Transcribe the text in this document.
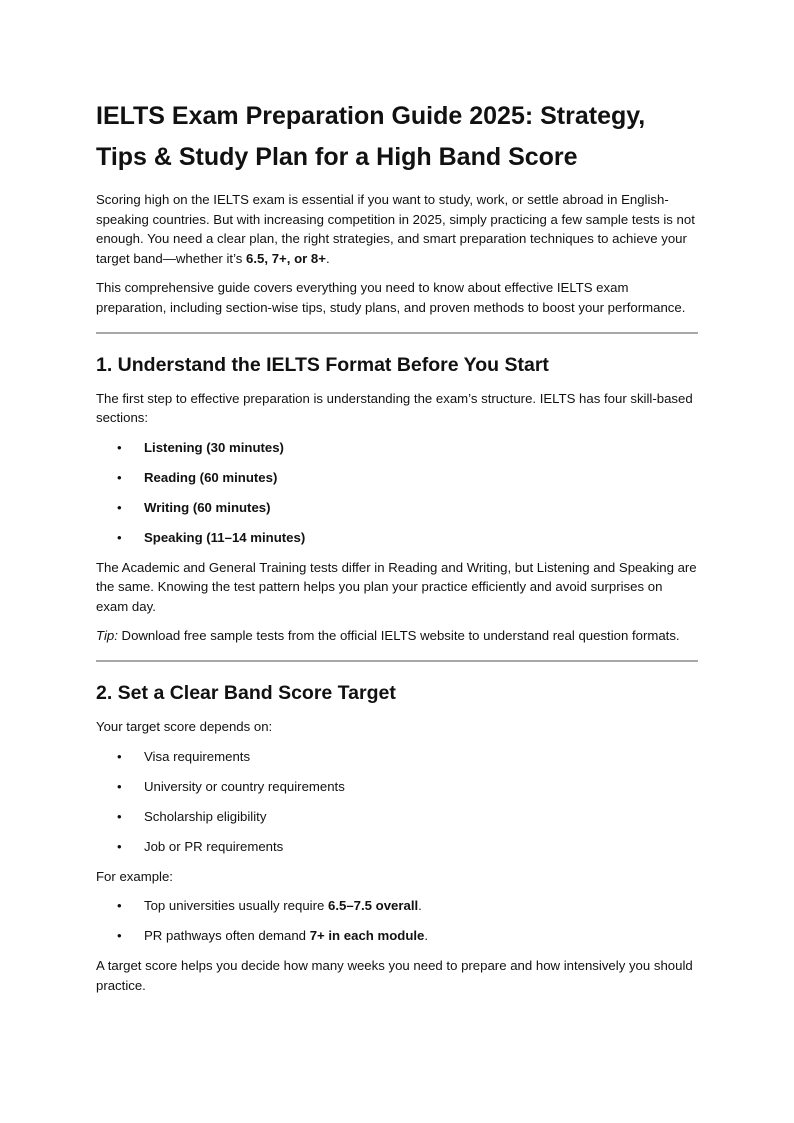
IELTS Exam Preparation Guide 2025: Strategy, Tips & Study Plan for a High Band Score

Scoring high on the IELTS exam is essential if you want to study, work, or settle abroad in English-speaking countries. But with increasing competition in 2025, simply practicing a few sample tests is not enough. You need a clear plan, the right strategies, and smart preparation techniques to achieve your target band—whether it’s 6.5, 7+, or 8+.

This comprehensive guide covers everything you need to know about effective IELTS exam preparation, including section-wise tips, study plans, and proven methods to boost your performance.

1. Understand the IELTS Format Before You Start

The first step to effective preparation is understanding the exam’s structure. IELTS has four skill-based sections:

• Listening (30 minutes)
• Reading (60 minutes)
• Writing (60 minutes)
• Speaking (11–14 minutes)

The Academic and General Training tests differ in Reading and Writing, but Listening and Speaking are the same. Knowing the test pattern helps you plan your practice efficiently and avoid surprises on exam day.

Tip: Download free sample tests from the official IELTS website to understand real question formats.

2. Set a Clear Band Score Target

Your target score depends on:

• Visa requirements
• University or country requirements
• Scholarship eligibility
• Job or PR requirements

For example:

• Top universities usually require 6.5–7.5 overall.
• PR pathways often demand 7+ in each module.

A target score helps you decide how many weeks you need to prepare and how intensively you should practice.
